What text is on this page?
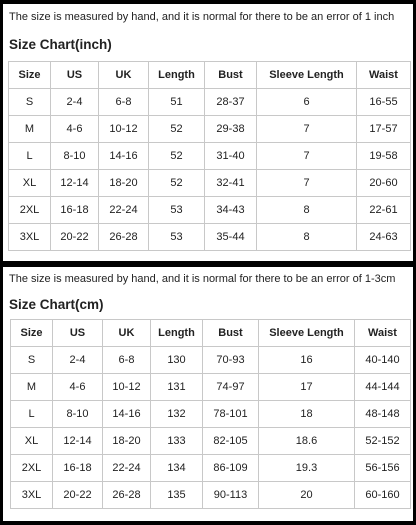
The size is measured by hand, and it is normal for there to be an error of 1 inch
Size Chart(inch)
Size	US	UK	Length	Bust	Sleeve Length	Waist
S	2-4	6-8	51	28-37	6	16-55
M	4-6	10-12	52	29-38	7	17-57
L	8-10	14-16	52	31-40	7	19-58
XL	12-14	18-20	52	32-41	7	20-60
2XL	16-18	22-24	53	34-43	8	22-61
3XL	20-22	26-28	53	35-44	8	24-63
The size is measured by hand, and it is normal for there to be an error of 1-3cm
Size Chart(cm)
Size	US	UK	Length	Bust	Sleeve Length	Waist
S	2-4	6-8	130	70-93	16	40-140
M	4-6	10-12	131	74-97	17	44-144
L	8-10	14-16	132	78-101	18	48-148
XL	12-14	18-20	133	82-105	18.6	52-152
2XL	16-18	22-24	134	86-109	19.3	56-156
3XL	20-22	26-28	135	90-113	20	60-160
